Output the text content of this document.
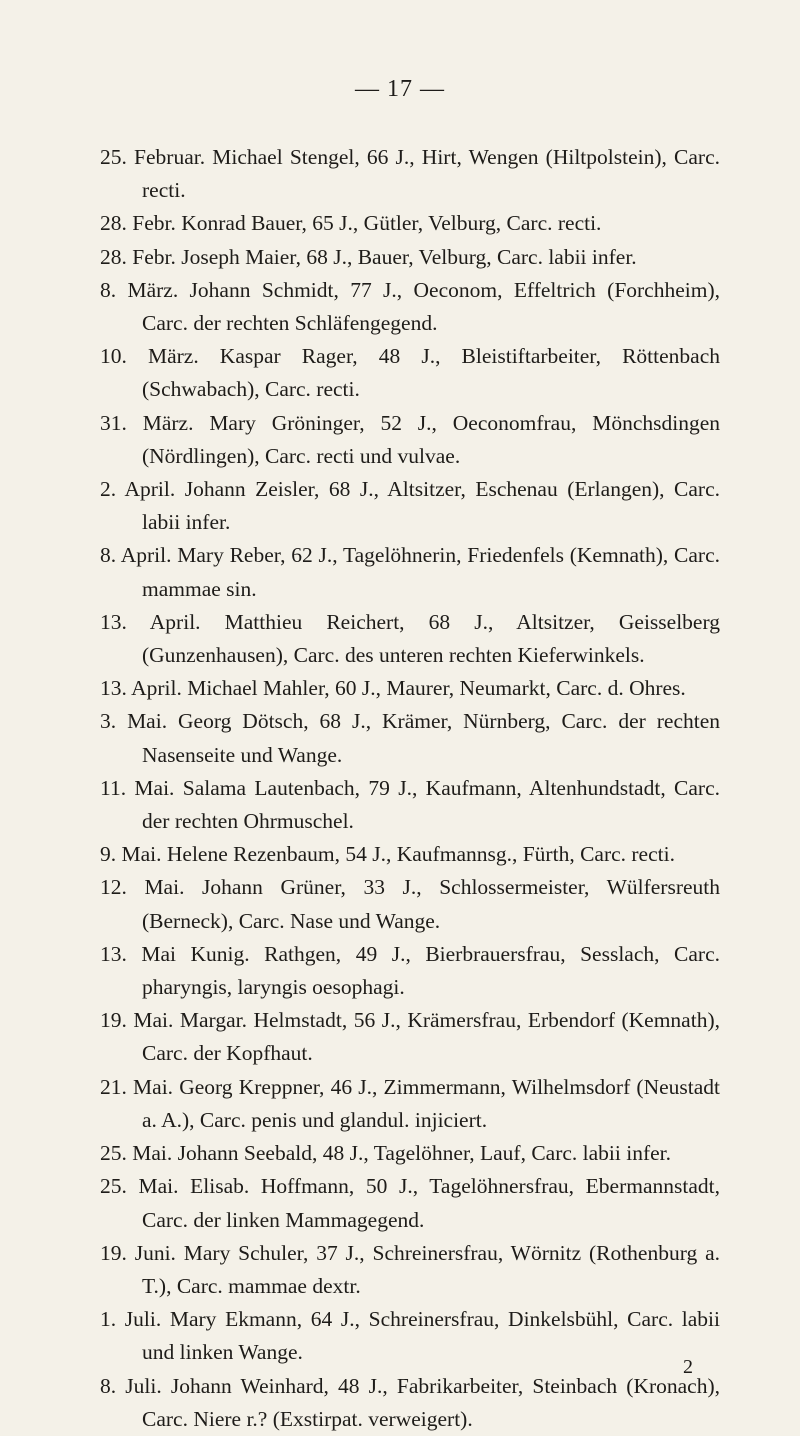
— 17 —

25. Februar. Michael Stengel, 66 J., Hirt, Wengen (Hiltpolstein), Carc. recti.

28. Febr. Konrad Bauer, 65 J., Gütler, Velburg, Carc. recti.

28. Febr. Joseph Maier, 68 J., Bauer, Velburg, Carc. labii infer.

8. März. Johann Schmidt, 77 J., Oeconom, Effeltrich (Forchheim), Carc. der rechten Schläfengegend.

10. März. Kaspar Rager, 48 J., Bleistiftarbeiter, Röttenbach (Schwabach), Carc. recti.

31. März. Mary Gröninger, 52 J., Oeconomfrau, Mönchsdingen (Nördlingen), Carc. recti und vulvae.

2. April. Johann Zeisler, 68 J., Altsitzer, Eschenau (Erlangen), Carc. labii infer.

8. April. Mary Reber, 62 J., Tagelöhnerin, Friedenfels (Kemnath), Carc. mammae sin.

13. April. Matthieu Reichert, 68 J., Altsitzer, Geisselberg (Gunzenhausen), Carc. des unteren rechten Kieferwinkels.

13. April. Michael Mahler, 60 J., Maurer, Neumarkt, Carc. d. Ohres.

3. Mai. Georg Dötsch, 68 J., Krämer, Nürnberg, Carc. der rechten Nasenseite und Wange.

11. Mai. Salama Lautenbach, 79 J., Kaufmann, Altenhundstadt, Carc. der rechten Ohrmuschel.

9. Mai. Helene Rezenbaum, 54 J., Kaufmannsg., Fürth, Carc. recti.

12. Mai. Johann Grüner, 33 J., Schlossermeister, Wülfersreuth (Berneck), Carc. Nase und Wange.

13. Mai Kunig. Rathgen, 49 J., Bierbrauersfrau, Sesslach, Carc. pharyngis, laryngis oesophagi.

19. Mai. Margar. Helmstadt, 56 J., Krämersfrau, Erbendorf (Kemnath), Carc. der Kopfhaut.

21. Mai. Georg Kreppner, 46 J., Zimmermann, Wilhelmsdorf (Neustadt a. A.), Carc. penis und glandul. injiciert.

25. Mai. Johann Seebald, 48 J., Tagelöhner, Lauf, Carc. labii infer.

25. Mai. Elisab. Hoffmann, 50 J., Tagelöhnersfrau, Ebermannstadt, Carc. der linken Mammagegend.

19. Juni. Mary Schuler, 37 J., Schreinersfrau, Wörnitz (Rothenburg a. T.), Carc. mammae dextr.

1. Juli. Mary Ekmann, 64 J., Schreinersfrau, Dinkelsbühl, Carc. labii und linken Wange.

8. Juli. Johann Weinhard, 48 J., Fabrikarbeiter, Steinbach (Kronach), Carc. Niere r.? (Exstirpat. verweigert).

2
